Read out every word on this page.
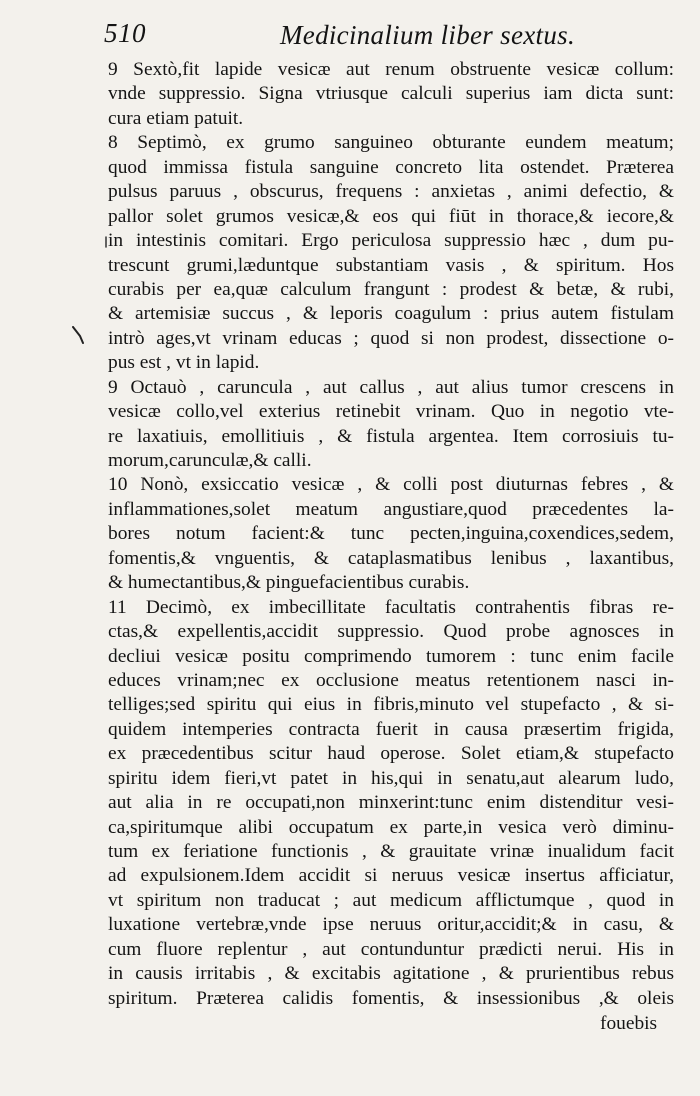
510	Medicinalium liber sextus.
9 Sextò,fit lapide vesicæ aut renum obstruente vesicæ collum:
vnde suppressio. Signa vtriusque calculi superius iam dicta sunt:
cura etiam patuit.
8 Septimò, ex grumo sanguineo obturante eundem meatum;
quod immissa fistula sanguine concreto lita ostendet. Præterea
pulsus paruus , obscurus, frequens : anxietas , animi defectio, &
pallor solet grumos vesicæ,& eos qui fiūt in thorace,& iecore,&
in intestinis comitari. Ergo periculosa suppressio hæc , dum pu-
trescunt grumi,læduntque substantiam vasis , & spiritum. Hos
curabis per ea,quæ calculum frangunt : prodest & betæ, & rubi,
& artemisiæ succus , & leporis coagulum : prius autem fistulam
intrò ages,vt vrinam educas ; quod si non prodest, dissectione o-
pus est , vt in lapid.
9 Octauò , caruncula , aut callus , aut alius tumor crescens in
vesicæ collo,vel exterius retinebit vrinam. Quo in negotio vte-
re laxatiuis, emollitiuis , & fistula argentea. Item corrosiuis tu-
morum,carunculæ,& calli.
10 Nonò, exsiccatio vesicæ , & colli post diuturnas febres , &
inflammationes,solet meatum angustiare,quod præcedentes la-
bores notum facient:& tunc pecten,inguina,coxendices,sedem,
fomentis,& vnguentis, & cataplasmatibus lenibus , laxantibus,
& humectantibus,& pinguefacientibus curabis.
11 Decimò, ex imbecillitate facultatis contrahentis fibras re-
ctas,& expellentis,accidit suppressio. Quod probe agnosces in
decliui vesicæ positu comprimendo tumorem : tunc enim facile
educes vrinam;nec ex occlusione meatus retentionem nasci in-
telliges;sed spiritu qui eius in fibris,minuto vel stupefacto , & si-
quidem intemperies contracta fuerit in causa præsertim frigida,
ex præcedentibus scitur haud operose. Solet etiam,& stupefacto
spiritu idem fieri,vt patet in his,qui in senatu,aut alearum ludo,
aut alia in re occupati,non minxerint:tunc enim distenditur vesi-
ca,spiritumque alibi occupatum ex parte,in vesica verò diminu-
tum ex feriatione functionis , & grauitate vrinæ inualidum facit
ad expulsionem.Idem accidit si neruus vesicæ insertus afficiatur,
vt spiritum non traducat ; aut medicum afflictumque , quod in
luxatione vertebræ,vnde ipse neruus oritur,accidit;& in casu, &
cum fluore replentur , aut contunduntur prædicti nerui. His in
in causis irritabis , & excitabis agitatione , & prurientibus rebus
spiritum. Præterea calidis fomentis, & insessionibus ,& oleis
fouebis
